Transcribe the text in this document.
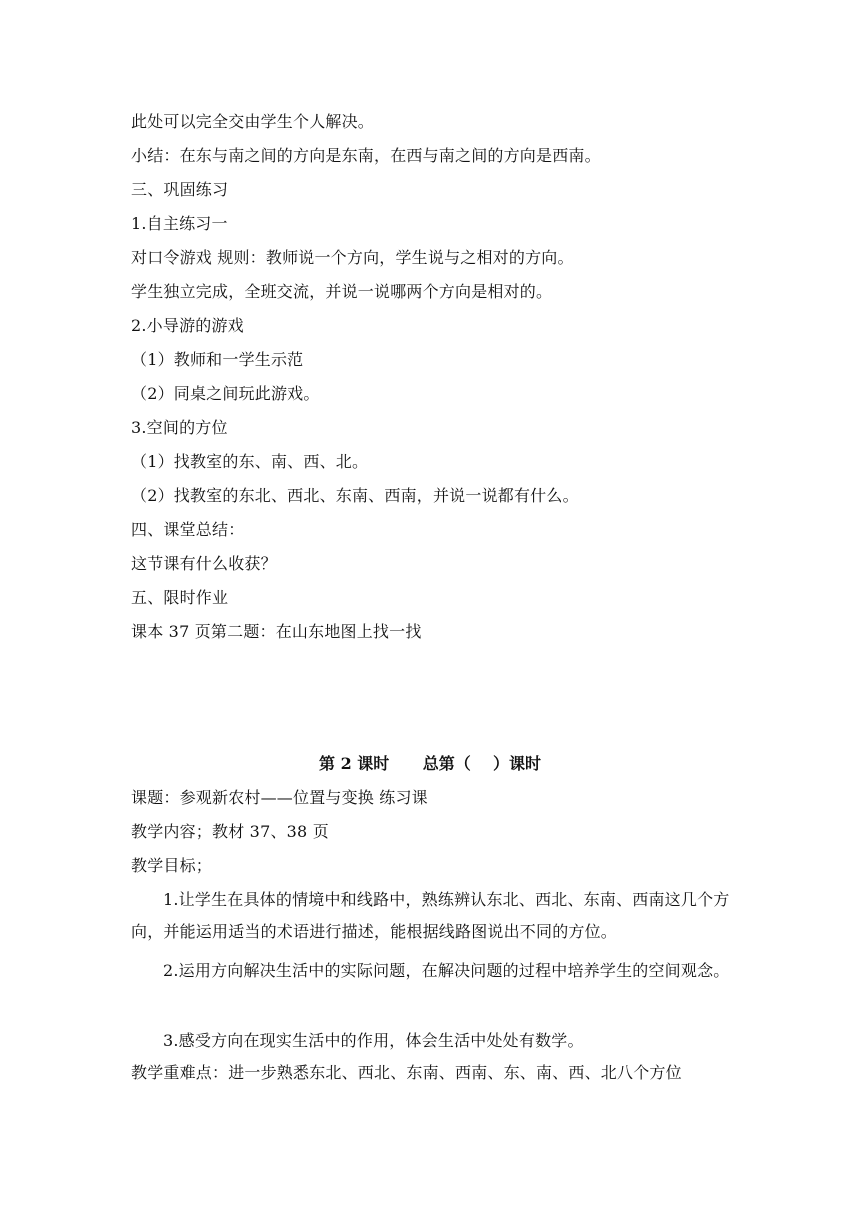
此处可以完全交由学生个人解决。
小结：在东与南之间的方向是东南，在西与南之间的方向是西南。
三、巩固练习
1.自主练习一
对口令游戏 规则：教师说一个方向，学生说与之相对的方向。
学生独立完成，全班交流，并说一说哪两个方向是相对的。
2.小导游的游戏
（1）教师和一学生示范
（2）同桌之间玩此游戏。
3.空间的方位
（1）找教室的东、南、西、北。
（2）找教室的东北、西北、东南、西南，并说一说都有什么。
四、课堂总结：
这节课有什么收获？
五、限时作业
课本 37 页第二题：在山东地图上找一找
第 2 课时      总第（    ）课时
课题：参观新农村——位置与变换 练习课
教学内容；教材 37、38 页
教学目标；
1.让学生在具体的情境中和线路中，熟练辨认东北、西北、东南、西南这几个方向，并能运用适当的术语进行描述，能根据线路图说出不同的方位。
2.运用方向解决生活中的实际问题，在解决问题的过程中培养学生的空间观念。
3.感受方向在现实生活中的作用，体会生活中处处有数学。
教学重难点：进一步熟悉东北、西北、东南、西南、东、南、西、北八个方位
